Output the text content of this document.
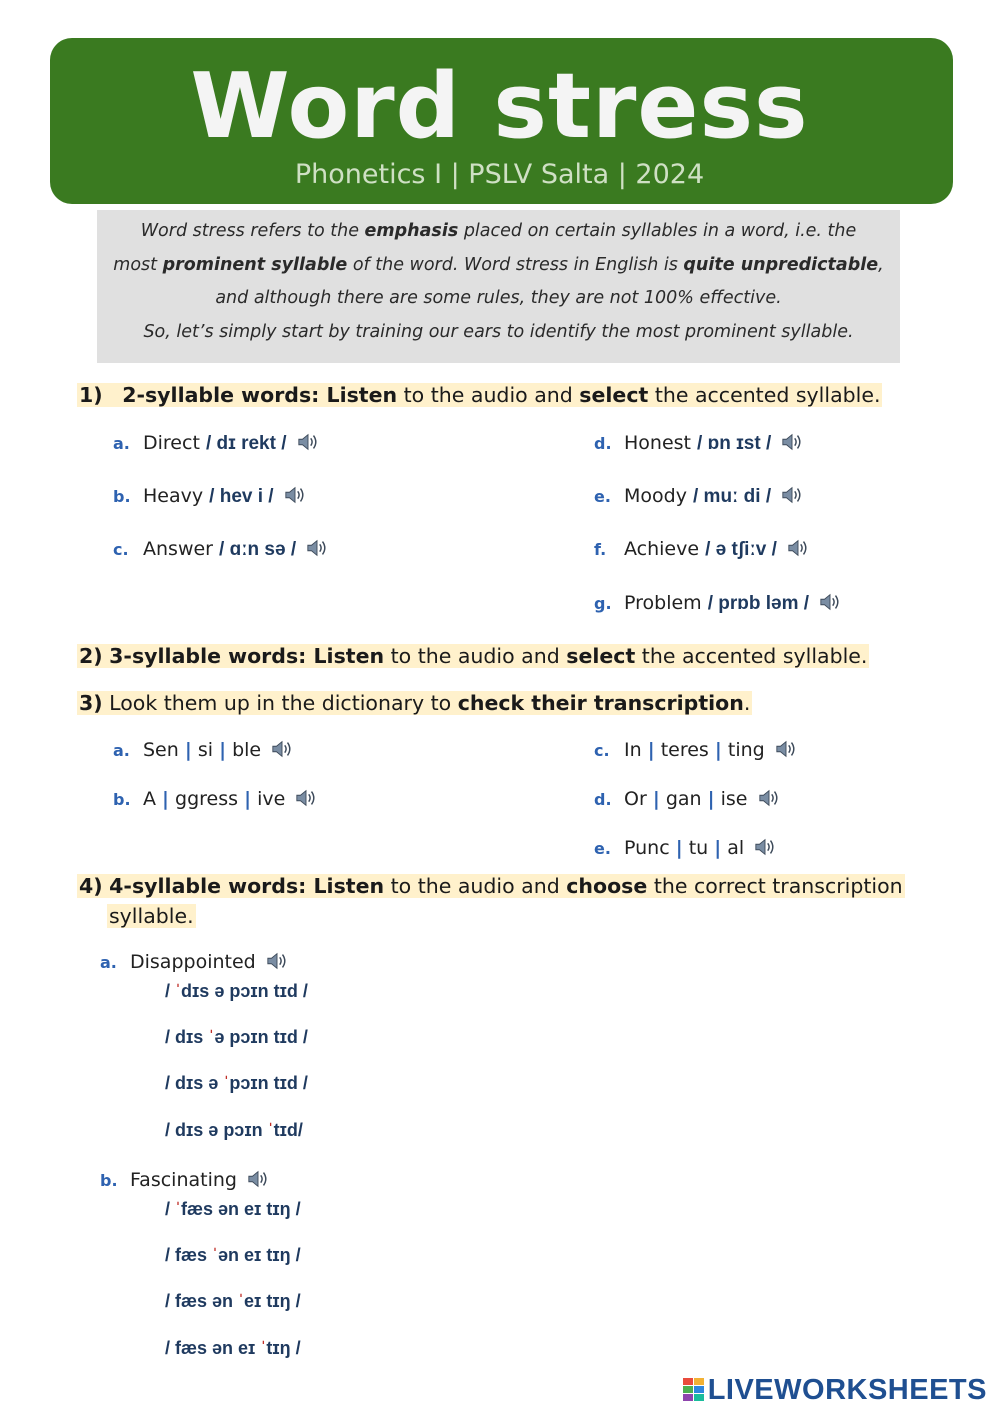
Word stress
Phonetics I | PSLV Salta | 2024

Word stress refers to the emphasis placed on certain syllables in a word, i.e. the

most prominent syllable of the word. Word stress in English is quite unpredictable,

and although there are some rules, they are not 100% effective.

So, let’s simply start by training our ears to identify the most prominent syllable.

1) 2-syllable words: Listen to the audio and select the accented syllable.
a. Direct / dɪ rekt /
b. Heavy / hev i /
c. Answer / ɑːn sə /
d. Honest / ɒn ɪst /
e. Moody / muː di /
f. Achieve / ə tʃiːv /
g. Problem / prɒb ləm /
2) 3-syllable words: Listen to the audio and select the accented syllable.
3) Look them up in the dictionary to check their transcription.
a. Sen | si | ble
b. A | ggress | ive
c. In | teres | ting
d. Or | gan | ise
e. Punc | tu | al
4) 4-syllable words: Listen to the audio and choose the correct transcription
syllable.
a. Disappointed
/ ˈdɪs ə pɔɪn tɪd /
/ dɪs ˈə pɔɪn tɪd /
/ dɪs ə ˈpɔɪn tɪd /
/ dɪs ə pɔɪn ˈtɪd/
b. Fascinating
/ ˈfæs ən eɪ tɪŋ /
/ fæs ˈən eɪ tɪŋ /
/ fæs ən ˈeɪ tɪŋ /
/ fæs ən eɪ ˈtɪŋ /
LIVEWORKSHEETS
